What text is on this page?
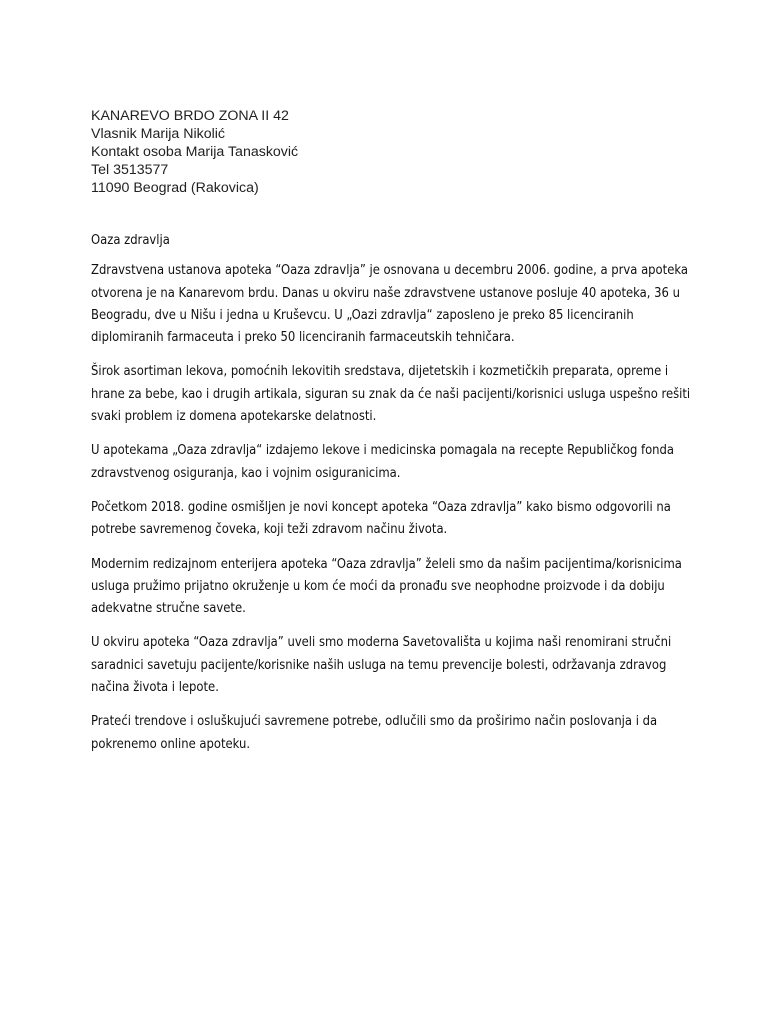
KANAREVO BRDO ZONA II 42
Vlasnik Marija Nikolić
Kontakt osoba Marija Tanasković
Tel 3513577
11090 Beograd (Rakovica)
Oaza zdravlja
Zdravstvena ustanova apoteka “Oaza zdravlja” je osnovana u decembru 2006. godine, a prva apoteka
otvorena je na Kanarevom brdu. Danas u okviru naše zdravstvene ustanove posluje 40 apoteka, 36 u
Beogradu, dve u Nišu i jedna u Kruševcu. U „Oazi zdravlja“ zaposleno je preko 85 licenciranih
diplomiranih farmaceuta i preko 50 licenciranih farmaceutskih tehničara.
Širok asortiman lekova, pomoćnih lekovitih sredstava, dijetetskih i kozmetičkih preparata, opreme i
hrane za bebe, kao i drugih artikala, siguran su znak da će naši pacijenti/korisnici usluga uspešno rešiti
svaki problem iz domena apotekarske delatnosti.
U apotekama „Oaza zdravlja“ izdajemo lekove i medicinska pomagala na recepte Republičkog fonda
zdravstvenog osiguranja, kao i vojnim osiguranicima.
Početkom 2018. godine osmišljen je novi koncept apoteka “Oaza zdravlja” kako bismo odgovorili na
potrebe savremenog čoveka, koji teži zdravom načinu života.
Modernim redizajnom enterijera apoteka “Oaza zdravlja” želeli smo da našim pacijentima/korisnicima
usluga pružimo prijatno okruženje u kom će moći da pronađu sve neophodne proizvode i da dobiju
adekvatne stručne savete.
U okviru apoteka “Oaza zdravlja” uveli smo moderna Savetovališta u kojima naši renomirani stručni
saradnici savetuju pacijente/korisnike naših usluga na temu prevencije bolesti, održavanja zdravog
načina života i lepote.
Prateći trendove i osluškujući savremene potrebe, odlučili smo da proširimo način poslovanja i da
pokrenemo online apoteku.
